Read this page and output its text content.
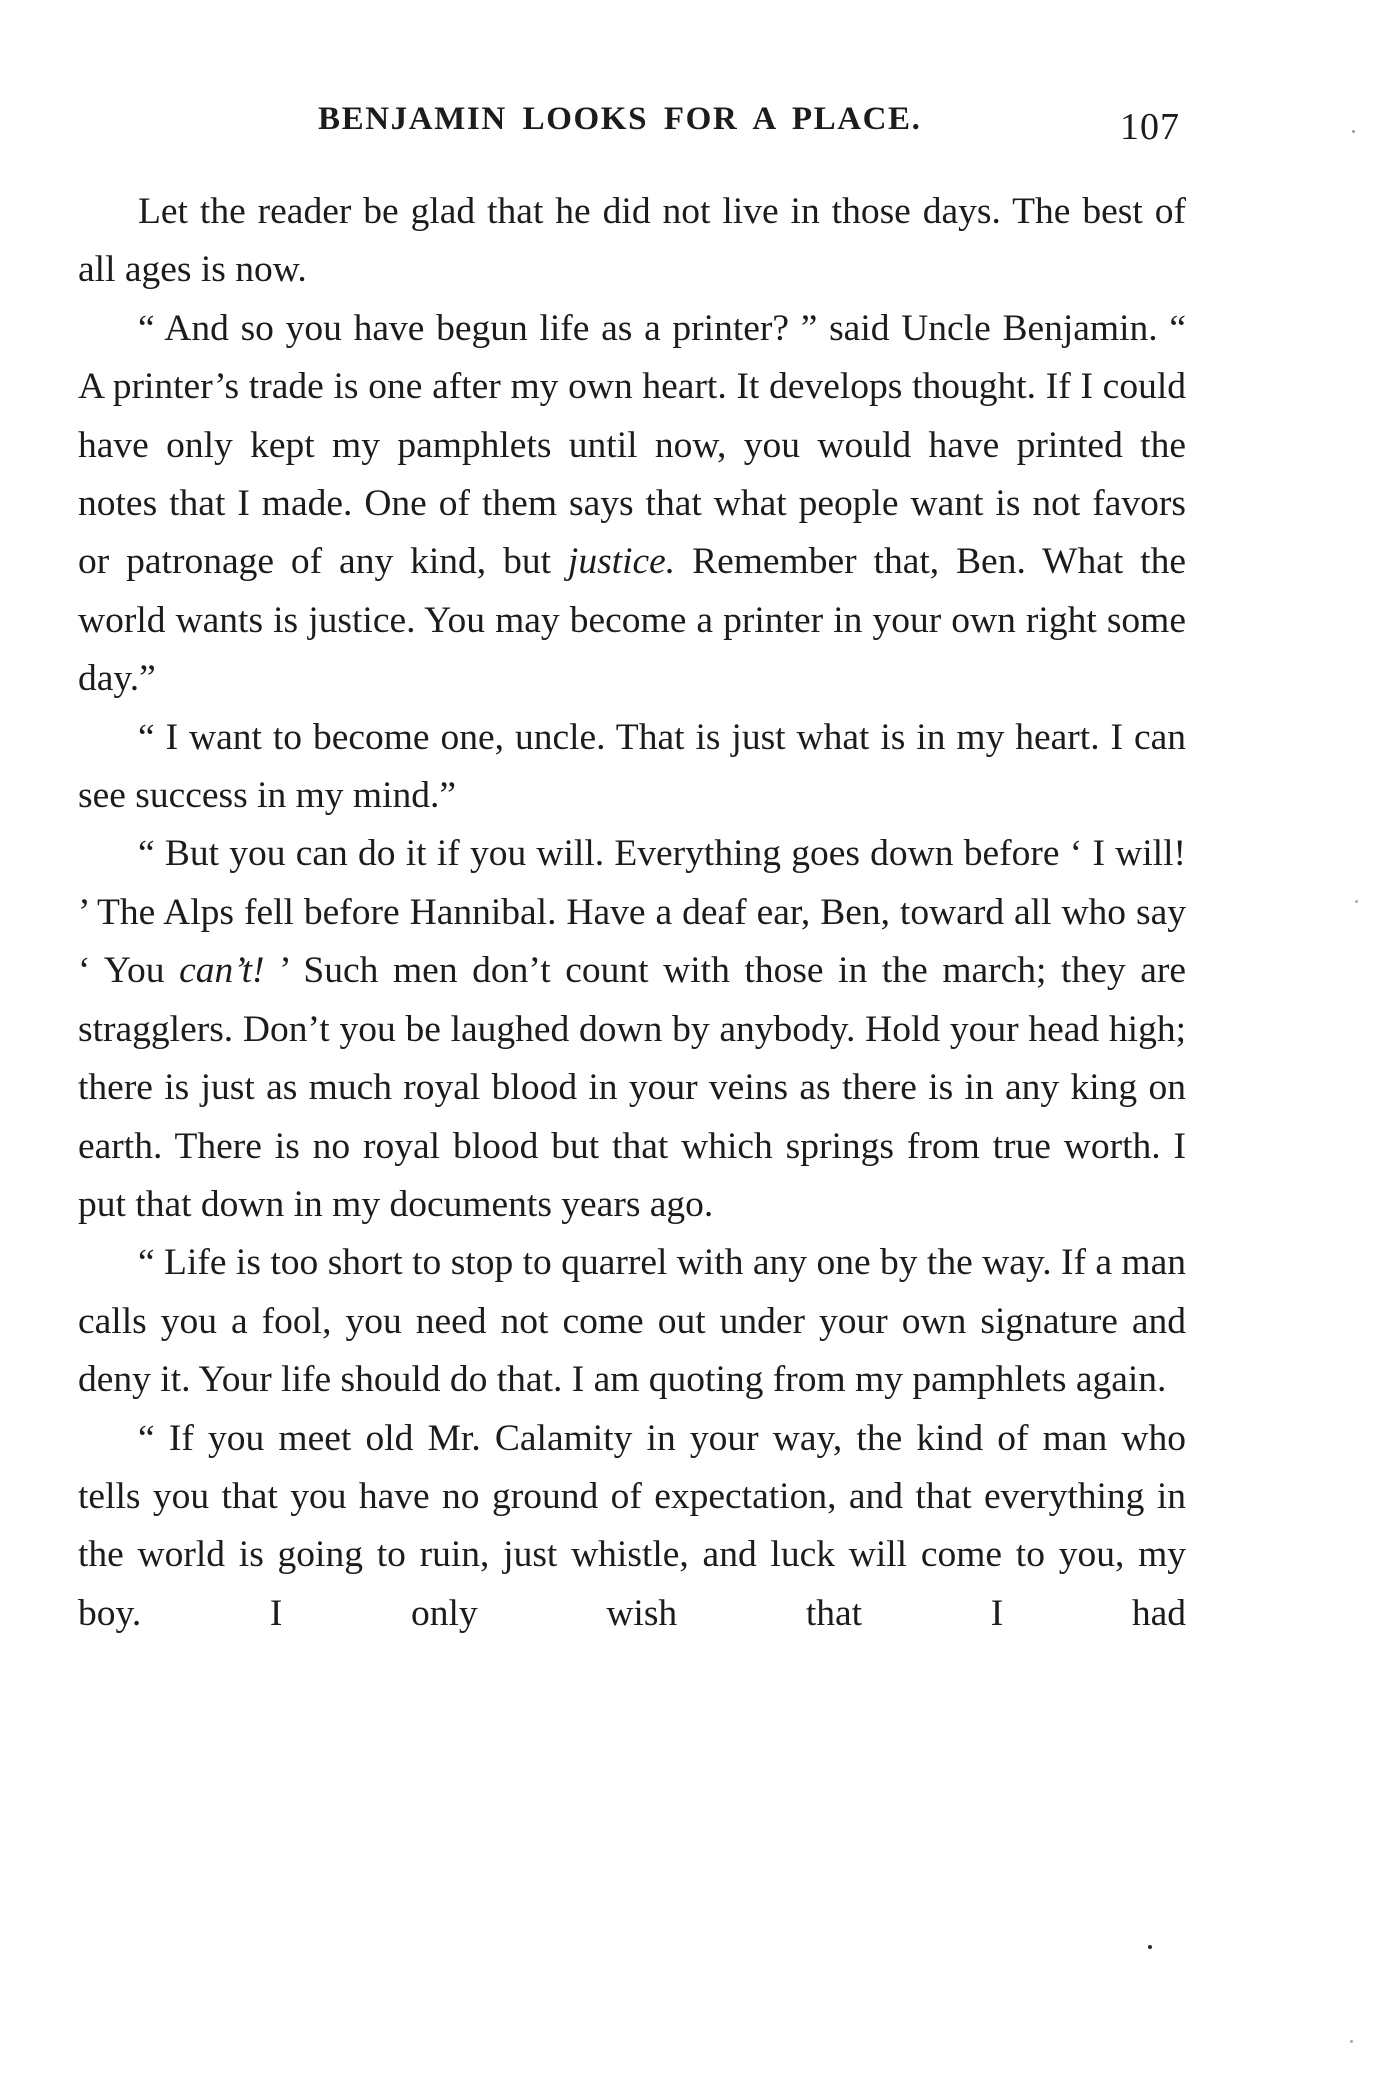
BENJAMIN LOOKS FOR A PLACE.	107

Let the reader be glad that he did not live in those days. The best of all ages is now.

“ And so you have begun life as a printer? ” said Uncle Benjamin. “ A printer’s trade is one after my own heart. It develops thought. If I could have only kept my pamphlets until now, you would have printed the notes that I made. One of them says that what people want is not favors or patronage of any kind, but justice. Remember that, Ben. What the world wants is justice. You may become a printer in your own right some day.”

“ I want to become one, uncle. That is just what is in my heart. I can see success in my mind.”

“ But you can do it if you will. Everything goes down before ‘ I will! ’ The Alps fell before Hannibal. Have a deaf ear, Ben, toward all who say ‘ You can’t! ’ Such men don’t count with those in the march; they are stragglers. Don’t you be laughed down by anybody. Hold your head high; there is just as much royal blood in your veins as there is in any king on earth. There is no royal blood but that which springs from true worth. I put that down in my documents years ago.

“ Life is too short to stop to quarrel with any one by the way. If a man calls you a fool, you need not come out under your own signature and deny it. Your life should do that. I am quoting from my pamphlets again.

“ If you meet old Mr. Calamity in your way, the kind of man who tells you that you have no ground of expectation, and that everything in the world is going to ruin, just whistle, and luck will come to you, my boy. I only wish that I had
